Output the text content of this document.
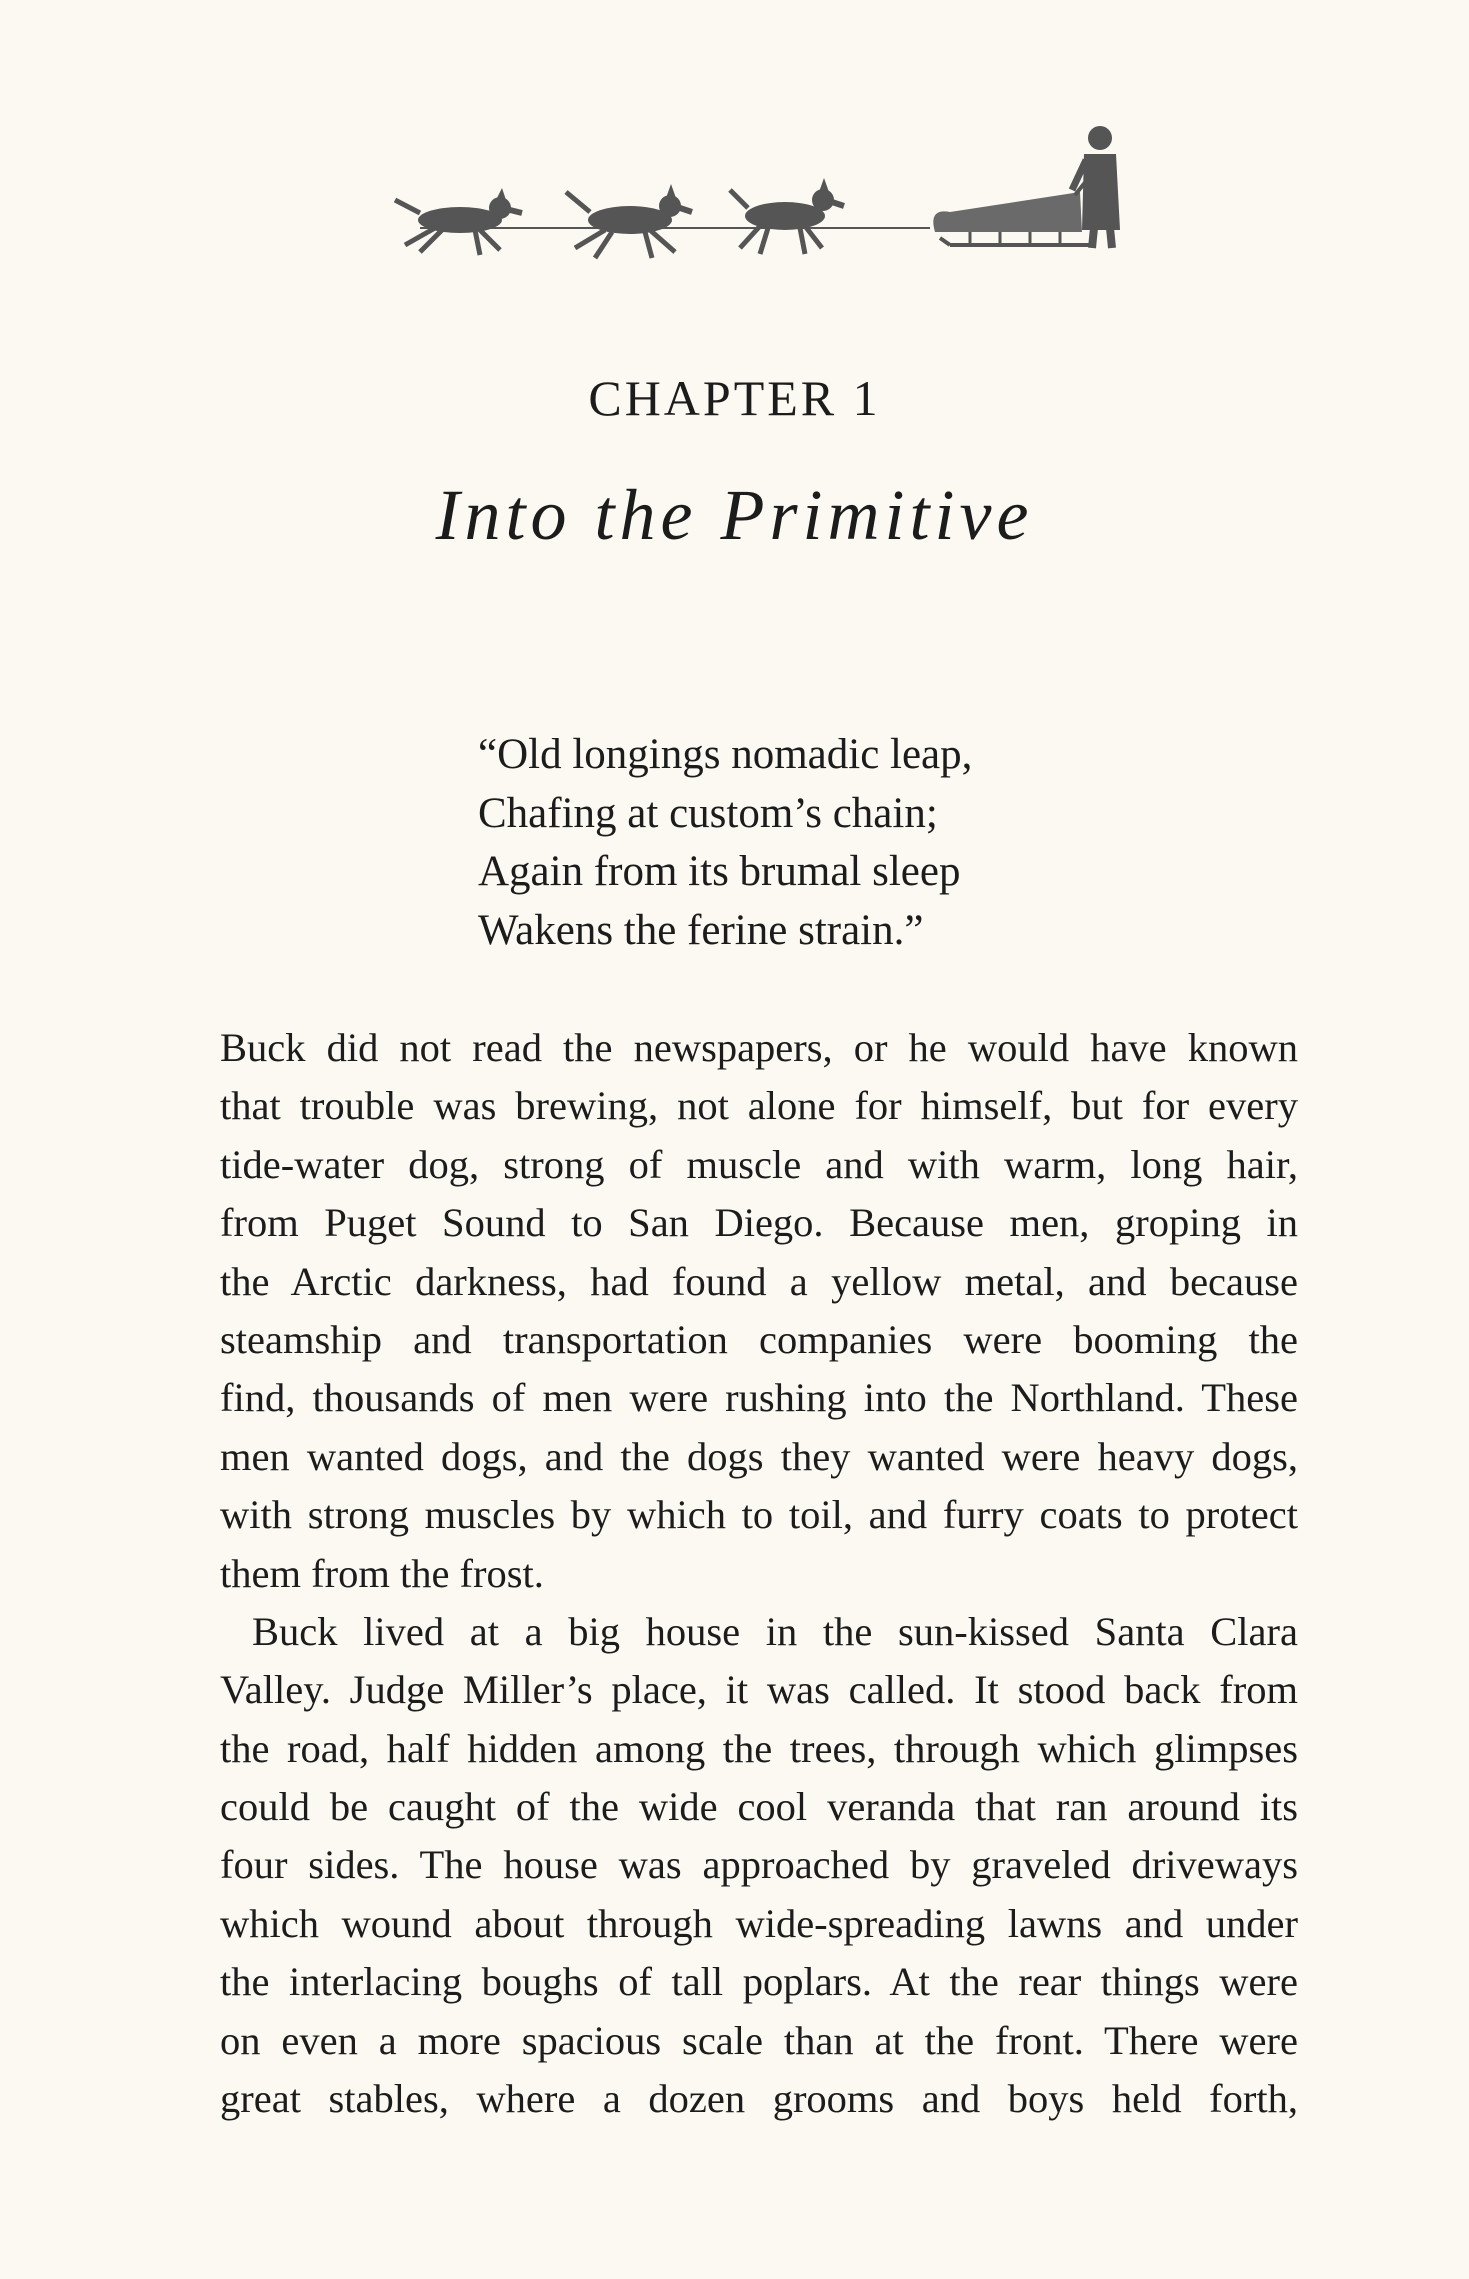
CHAPTER 1
Into the Primitive
“Old longings nomadic leap,
Chafing at custom’s chain;
Again from its brumal sleep
Wakens the ferine strain.”
Buck did not read the newspapers, or he would have known
that trouble was brewing, not alone for himself, but for every
tide-water dog, strong of muscle and with warm, long hair,
from Puget Sound to San Diego. Because men, groping in
the Arctic darkness, had found a yellow metal, and because
steamship and transportation companies were booming the
find, thousands of men were rushing into the Northland. These
men wanted dogs, and the dogs they wanted were heavy dogs,
with strong muscles by which to toil, and furry coats to protect
them from the frost.
Buck lived at a big house in the sun-kissed Santa Clara
Valley. Judge Miller’s place, it was called. It stood back from
the road, half hidden among the trees, through which glimpses
could be caught of the wide cool veranda that ran around its
four sides. The house was approached by graveled driveways
which wound about through wide-spreading lawns and under
the interlacing boughs of tall poplars. At the rear things were
on even a more spacious scale than at the front. There were
great stables, where a dozen grooms and boys held forth,
